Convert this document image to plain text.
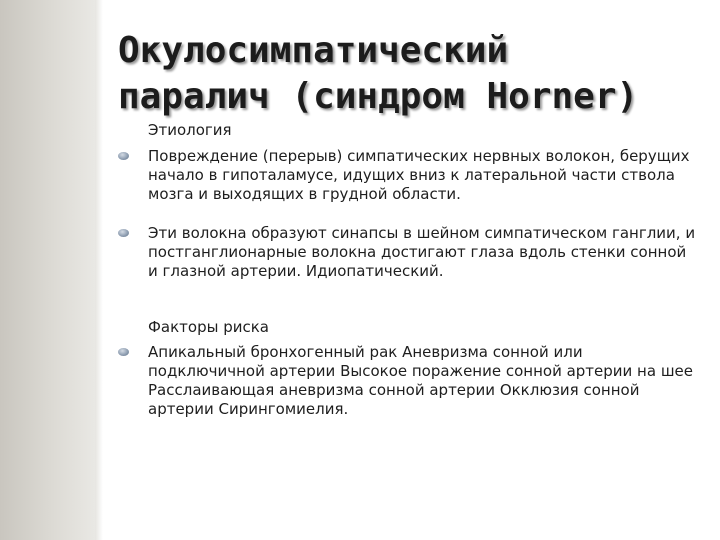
Этиология
Повреждение (перерыв) симпатических нервных волокон, берущих начало в гипоталамусе, идущих вниз к латеральной части ствола мозга и выходящих в грудной области.
Эти волокна образуют синапсы в шейном симпатическом ганглии, и постганглионарные волокна достигают глаза вдоль стенки сонной и глазной артерии. Идиопатический.
Факторы риска
Апикальный бронхогенный рак Аневризма сонной или подключичной артерии Высокое поражение сонной артерии на шее Расслаивающая аневризма сонной артерии Окклюзия сонной артерии Сирингомиелия.
Окулосимпатический паралич (синдром Horner)
